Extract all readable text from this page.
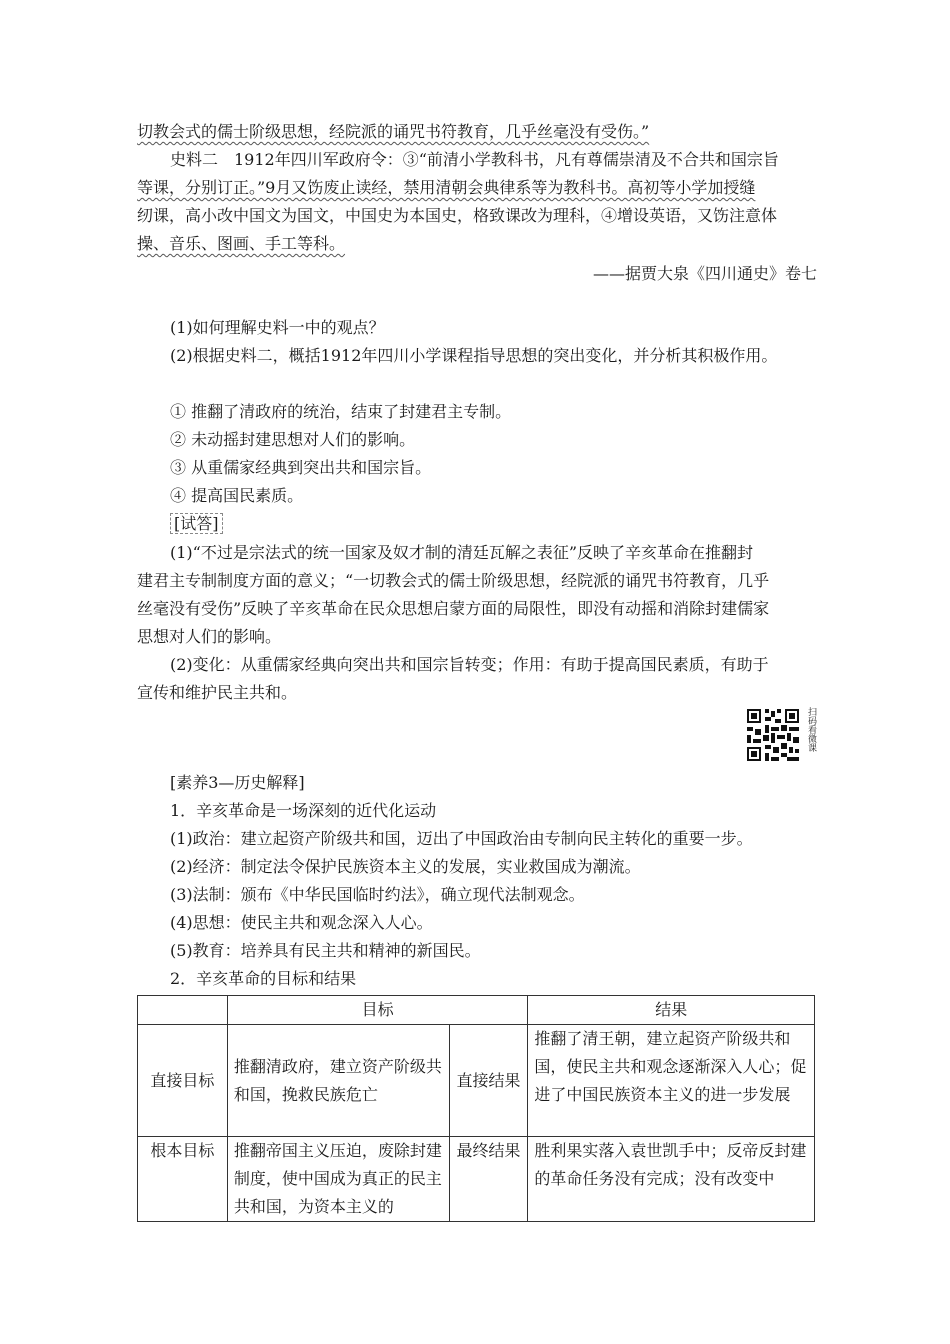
切教会式的儒士阶级思想，经院派的诵咒书符教育，几乎丝毫没有受伤。”
史料二　1912年四川军政府令：③“前清小学教科书，凡有尊儒崇清及不合共和国宗旨
等课，分别订正。”9月又饬废止读经，禁用清朝会典律系等为教科书。高初等小学加授缝
纫课，高小改中国文为国文，中国史为本国史，格致课改为理科，④增设英语，又饬注意体
操、音乐、图画、手工等科。
——据贾大泉《四川通史》卷七
(1)如何理解史料一中的观点？
(2)根据史料二，概括1912年四川小学课程指导思想的突出变化，并分析其积极作用。
① 推翻了清政府的统治，结束了封建君主专制。
② 未动摇封建思想对人们的影响。
③ 从重儒家经典到突出共和国宗旨。
④ 提高国民素质。
[试答]
(1)“不过是宗法式的统一国家及奴才制的清廷瓦解之表征”反映了辛亥革命在推翻封
建君主专制制度方面的意义；“一切教会式的儒士阶级思想，经院派的诵咒书符教育，几乎
丝毫没有受伤”反映了辛亥革命在民众思想启蒙方面的局限性，即没有动摇和消除封建儒家
思想对人们的影响。
(2)变化：从重儒家经典向突出共和国宗旨转变；作用：有助于提高国民素质，有助于
宣传和维护民主共和。
扫码看微课
[素养3—历史解释]
1．辛亥革命是一场深刻的近代化运动
(1)政治：建立起资产阶级共和国，迈出了中国政治由专制向民主转化的重要一步。
(2)经济：制定法令保护民族资本主义的发展，实业救国成为潮流。
(3)法制：颁布《中华民国临时约法》，确立现代法制观念。
(4)思想：使民主共和观念深入人心。
(5)教育：培养具有民主共和精神的新国民。
2．辛亥革命的目标和结果
	目标		结果
直接目标	推翻清政府，建立资产阶级共和国，挽救民族危亡	直接结果	推翻了清王朝，建立起资产阶级共和国，使民主共和观念逐渐深入人心；促进了中国民族资本主义的进一步发展
根本目标	推翻帝国主义压迫，废除封建制度，使中国成为真正的民主共和国，为资本主义的	最终结果	胜利果实落入袁世凯手中；反帝反封建的革命任务没有完成；没有改变中
